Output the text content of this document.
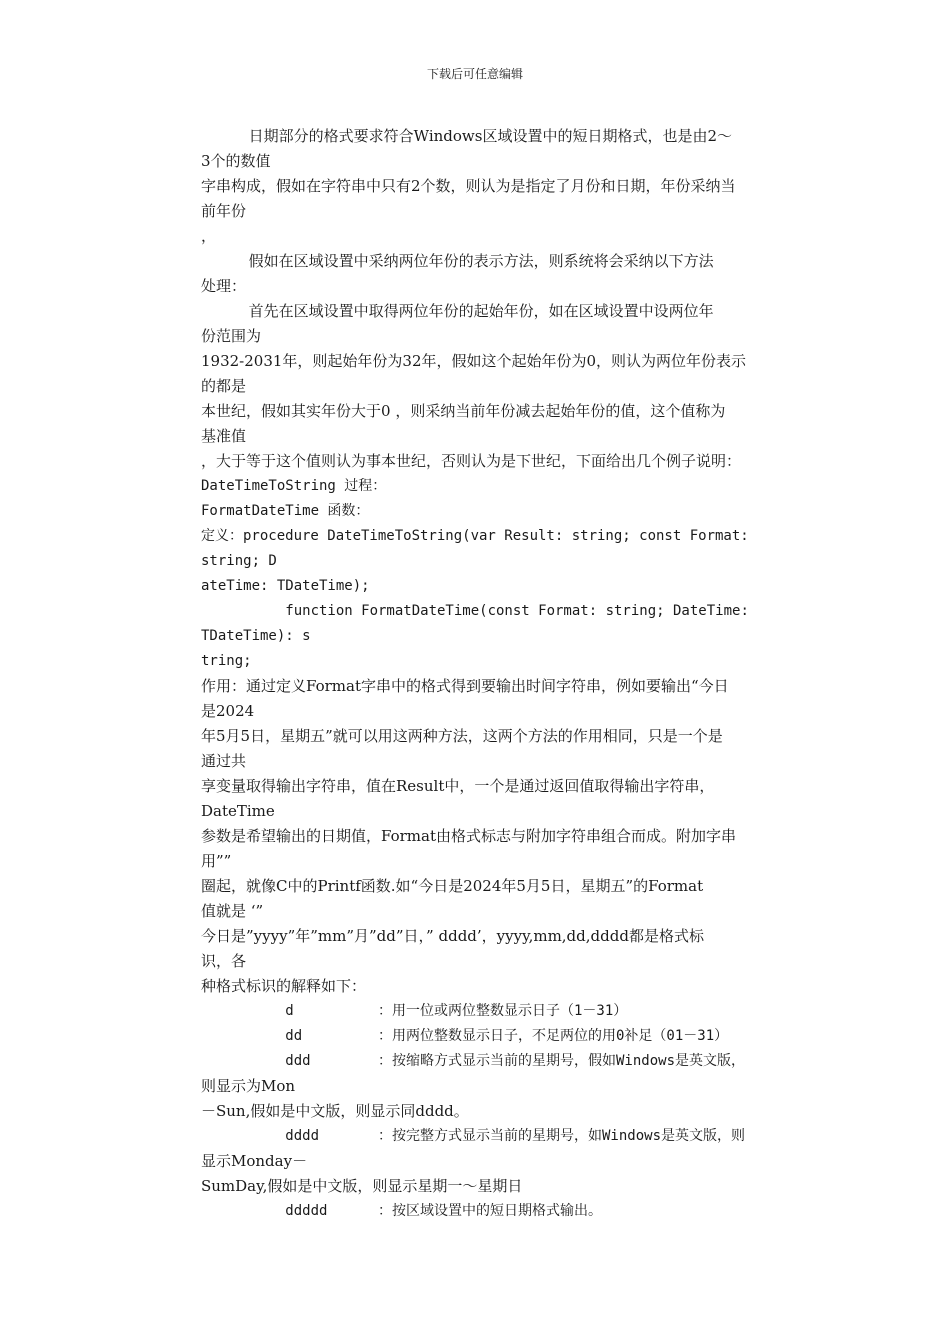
下载后可任意编辑
日期部分的格式要求符合Windows区域设置中的短日期格式，也是由2～
3个的数值
字串构成，假如在字符串中只有2个数，则认为是指定了月份和日期，年份采纳当
前年份
，
假如在区域设置中采纳两位年份的表示方法，则系统将会采纳以下方法
处理：
首先在区域设置中取得两位年份的起始年份，如在区域设置中设两位年
份范围为
1932-2031年，则起始年份为32年，假如这个起始年份为0，则认为两位年份表示
的都是
本世纪，假如其实年份大于0 ，则采纳当前年份减去起始年份的值，这个值称为
基准值
，大于等于这个值则认为事本世纪，否则认为是下世纪，下面给出几个例子说明：
DateTimeToString 过程：
FormatDateTime 函数：
定义：procedure DateTimeToString(var Result: string; const Format:
string; D
ateTime: TDateTime);
function FormatDateTime(const Format: string; DateTime:
TDateTime): s
tring;
作用：通过定义Format字串中的格式得到要输出时间字符串，例如要输出“今日
是2024
年5月5日，星期五”就可以用这两种方法，这两个方法的作用相同，只是一个是
通过共
享变量取得输出字符串，值在Result中，一个是通过返回值取得输出字符串，
DateTime
参数是希望输出的日期值，Format由格式标志与附加字符串组合而成。附加字串
用””
圈起，就像C中的Printf函数.如“今日是2024年5月5日，星期五”的Format
值就是 ‘”
今日是”yyyy”年”mm”月”dd”日，” dddd’，yyyy,mm,dd,dddd都是格式标
识，各
种格式标识的解释如下：
d          ：用一位或两位整数显示日子（1－31）
dd         ：用两位整数显示日子，不足两位的用0补足（01－31）
ddd        ：按缩略方式显示当前的星期号，假如Windows是英文版，
则显示为Mon
－Sun,假如是中文版，则显示同dddd。
dddd       ：按完整方式显示当前的星期号，如Windows是英文版，则
显示Monday－
SumDay,假如是中文版，则显示星期一～星期日
ddddd      ：按区域设置中的短日期格式输出。
